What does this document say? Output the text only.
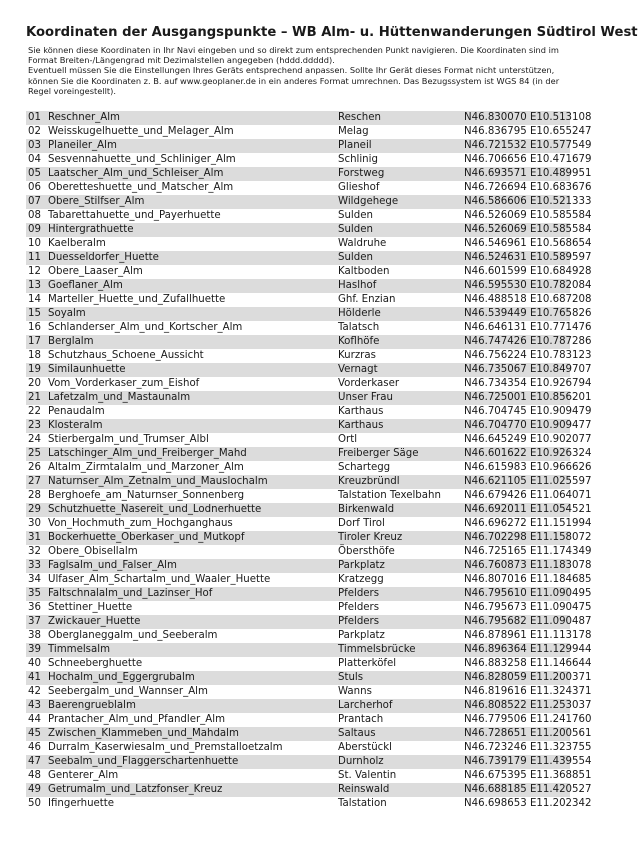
Koordinaten der Ausgangspunkte – WB Alm- u. Hüttenwanderungen Südtirol West

Sie können diese Koordinaten in Ihr Navi eingeben und so direkt zum entsprechenden Punkt navigieren. Die Koordinaten sind im Format Breiten-/Längengrad mit Dezimalstellen angegeben (hddd.ddddd).

Eventuell müssen Sie die Einstellungen Ihres Geräts entsprechend anpassen. Sollte Ihr Gerät dieses Format nicht unterstützen, können Sie die Koordinaten z. B. auf www.geoplaner.de in ein anderes Format umrechnen. Das Bezugssystem ist WGS 84 (in der Regel voreingestellt).

01	Reschner_Alm	Reschen	N46.830070 E10.513108
02	Weisskugelhuette_und_Melager_Alm	Melag	N46.836795 E10.655247
03	Planeiler_Alm	Planeil	N46.721532 E10.577549
04	Sesvennahuette_und_Schliniger_Alm	Schlinig	N46.706656 E10.471679
05	Laatscher_Alm_und_Schleiser_Alm	Forstweg	N46.693571 E10.489951
06	Oberetteshuette_und_Matscher_Alm	Glieshof	N46.726694 E10.683676
07	Obere_Stilfser_Alm	Wildgehege	N46.586606 E10.521333
08	Tabarettahuette_und_Payerhuette	Sulden	N46.526069 E10.585584
09	Hintergrathuette	Sulden	N46.526069 E10.585584
10	Kaelberalm	Waldruhe	N46.546961 E10.568654
11	Duesseldorfer_Huette	Sulden	N46.524631 E10.589597
12	Obere_Laaser_Alm	Kaltboden	N46.601599 E10.684928
13	Goeflaner_Alm	Haslhof	N46.595530 E10.782084
14	Marteller_Huette_und_Zufallhuette	Ghf. Enzian	N46.488518 E10.687208
15	Soyalm	Hölderle	N46.539449 E10.765826
16	Schlanderser_Alm_und_Kortscher_Alm	Talatsch	N46.646131 E10.771476
17	Berglalm	Koflhöfe	N46.747426 E10.787286
18	Schutzhaus_Schoene_Aussicht	Kurzras	N46.756224 E10.783123
19	Similaunhuette	Vernagt	N46.735067 E10.849707
20	Vom_Vorderkaser_zum_Eishof	Vorderkaser	N46.734354 E10.926794
21	Lafetzalm_und_Mastaunalm	Unser Frau	N46.725001 E10.856201
22	Penaudalm	Karthaus	N46.704745 E10.909479
23	Klosteralm	Karthaus	N46.704770 E10.909477
24	Stierbergalm_und_Trumser_Albl	Ortl	N46.645249 E10.902077
25	Latschinger_Alm_und_Freiberger_Mahd	Freiberger Säge	N46.601622 E10.926324
26	Altalm_Zirmtalalm_und_Marzoner_Alm	Schartegg	N46.615983 E10.966626
27	Naturnser_Alm_Zetnalm_und_Mauslochalm	Kreuzbründl	N46.621105 E11.025597
28	Berghoefe_am_Naturnser_Sonnenberg	Talstation Texelbahn	N46.679426 E11.064071
29	Schutzhuette_Nasereit_und_Lodnerhuette	Birkenwald	N46.692011 E11.054521
30	Von_Hochmuth_zum_Hochganghaus	Dorf Tirol	N46.696272 E11.151994
31	Bockerhuette_Oberkaser_und_Mutkopf	Tiroler Kreuz	N46.702298 E11.158072
32	Obere_Obisellalm	Öbersthöfe	N46.725165 E11.174349
33	Faglsalm_und_Falser_Alm	Parkplatz	N46.760873 E11.183078
34	Ulfaser_Alm_Schartalm_und_Waaler_Huette	Kratzegg	N46.807016 E11.184685
35	Faltschnalalm_und_Lazinser_Hof	Pfelders	N46.795610 E11.090495
36	Stettiner_Huette	Pfelders	N46.795673 E11.090475
37	Zwickauer_Huette	Pfelders	N46.795682 E11.090487
38	Oberglaneggalm_und_Seeberalm	Parkplatz	N46.878961 E11.113178
39	Timmelsalm	Timmelsbrücke	N46.896364 E11.129944
40	Schneeberghuette	Platterköfel	N46.883258 E11.146644
41	Hochalm_und_Eggergrubalm	Stuls	N46.828059 E11.200371
42	Seebergalm_und_Wannser_Alm	Wanns	N46.819616 E11.324371
43	Baerengrueblalm	Larcherhof	N46.808522 E11.253037
44	Prantacher_Alm_und_Pfandler_Alm	Prantach	N46.779506 E11.241760
45	Zwischen_Klammeben_und_Mahdalm	Saltaus	N46.728651 E11.200561
46	Durralm_Kaserwiesalm_und_Premstalloetzalm	Aberstückl	N46.723246 E11.323755
47	Seebalm_und_Flaggerschartenhuette	Durnholz	N46.739179 E11.439554
48	Genterer_Alm	St. Valentin	N46.675395 E11.368851
49	Getrumalm_und_Latzfonser_Kreuz	Reinswald	N46.688185 E11.420527
50	Ifingerhuette	Talstation	N46.698653 E11.202342
